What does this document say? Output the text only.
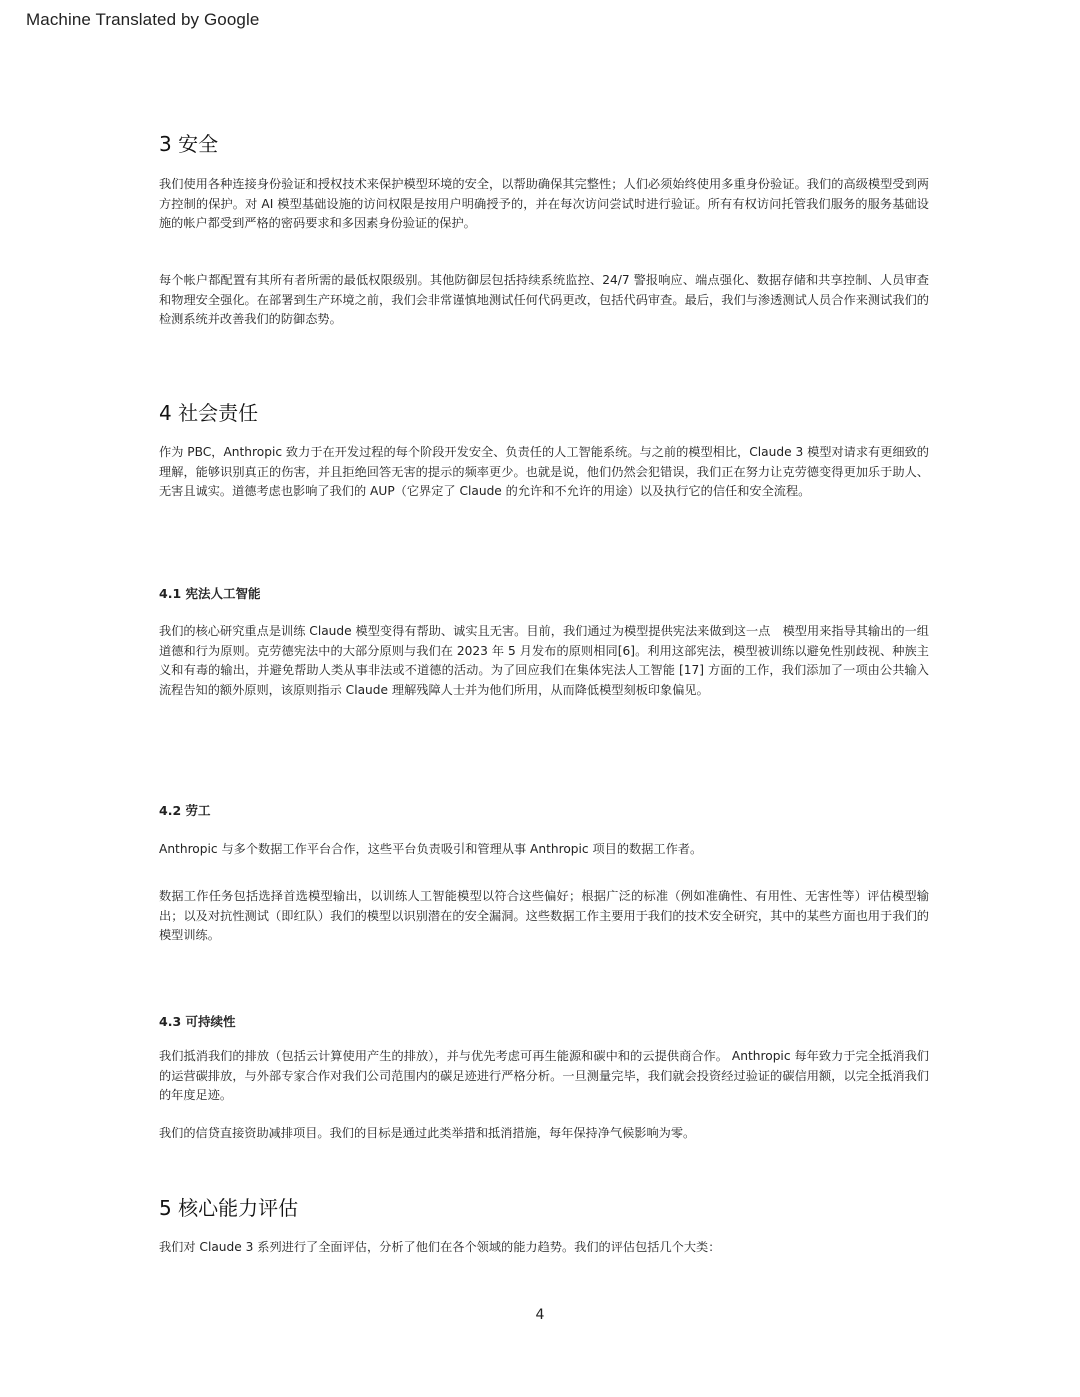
Machine Translated by Google
3 安全

我们使用各种连接身份验证和授权技术来保护模型环境的安全，以帮助确保其完整性；人们必须始终使用多重身份验证。我们的高级模型受到两方控制的保护。对 AI 模型基础设施的访问权限是按用户明确授予的，并在每次访问尝试时进行验证。所有有权访问托管我们服务的服务基础设施的帐户都受到严格的密码要求和多因素身份验证的保护。

每个帐户都配置有其所有者所需的最低权限级别。其他防御层包括持续系统监控、24/7 警报响应、端点强化、数据存储和共享控制、人员审查和物理安全强化。在部署到生产环境之前，我们会非常谨慎地测试任何代码更改，包括代码审查。最后，我们与渗透测试人员合作来测试我们的检测系统并改善我们的防御态势。

4 社会责任

作为 PBC，Anthropic 致力于在开发过程的每个阶段开发安全、负责任的人工智能系统。与之前的模型相比，Claude 3 模型对请求有更细致的理解，能够识别真正的伤害，并且拒绝回答无害的提示的频率更少。也就是说，他们仍然会犯错误，我们正在努力让克劳德变得更加乐于助人、无害且诚实。道德考虑也影响了我们的 AUP（它界定了 Claude 的允许和不允许的用途）以及执行它的信任和安全流程。

4.1 宪法人工智能

我们的核心研究重点是训练 Claude 模型变得有帮助、诚实且无害。目前，我们通过为模型提供宪法来做到这一点　模型用来指导其输出的一组道德和行为原则。克劳德宪法中的大部分原则与我们在 2023 年 5 月发布的原则相同[6]。利用这部宪法，模型被训练以避免性别歧视、种族主义和有毒的输出，并避免帮助人类从事非法或不道德的活动。为了回应我们在集体宪法人工智能 [17] 方面的工作，我们添加了一项由公共输入流程告知的额外原则，该原则指示 Claude 理解残障人士并为他们所用，从而降低模型刻板印象偏见。

4.2 劳工

Anthropic 与多个数据工作平台合作，这些平台负责吸引和管理从事 Anthropic 项目的数据工作者。

数据工作任务包括选择首选模型输出，以训练人工智能模型以符合这些偏好；根据广泛的标准（例如准确性、有用性、无害性等）评估模型输出；以及对抗性测试（即红队）我们的模型以识别潜在的安全漏洞。这些数据工作主要用于我们的技术安全研究，其中的某些方面也用于我们的模型训练。

4.3 可持续性

我们抵消我们的排放（包括云计算使用产生的排放），并与优先考虑可再生能源和碳中和的云提供商合作。 Anthropic 每年致力于完全抵消我们的运营碳排放，与外部专家合作对我们公司范围内的碳足迹进行严格分析。一旦测量完毕，我们就会投资经过验证的碳信用额，以完全抵消我们的年度足迹。

我们的信贷直接资助减排项目。我们的目标是通过此类举措和抵消措施，每年保持净气候影响为零。

5 核心能力评估

我们对 Claude 3 系列进行了全面评估，分析了他们在各个领域的能力趋势。我们的评估包括几个大类：

4
